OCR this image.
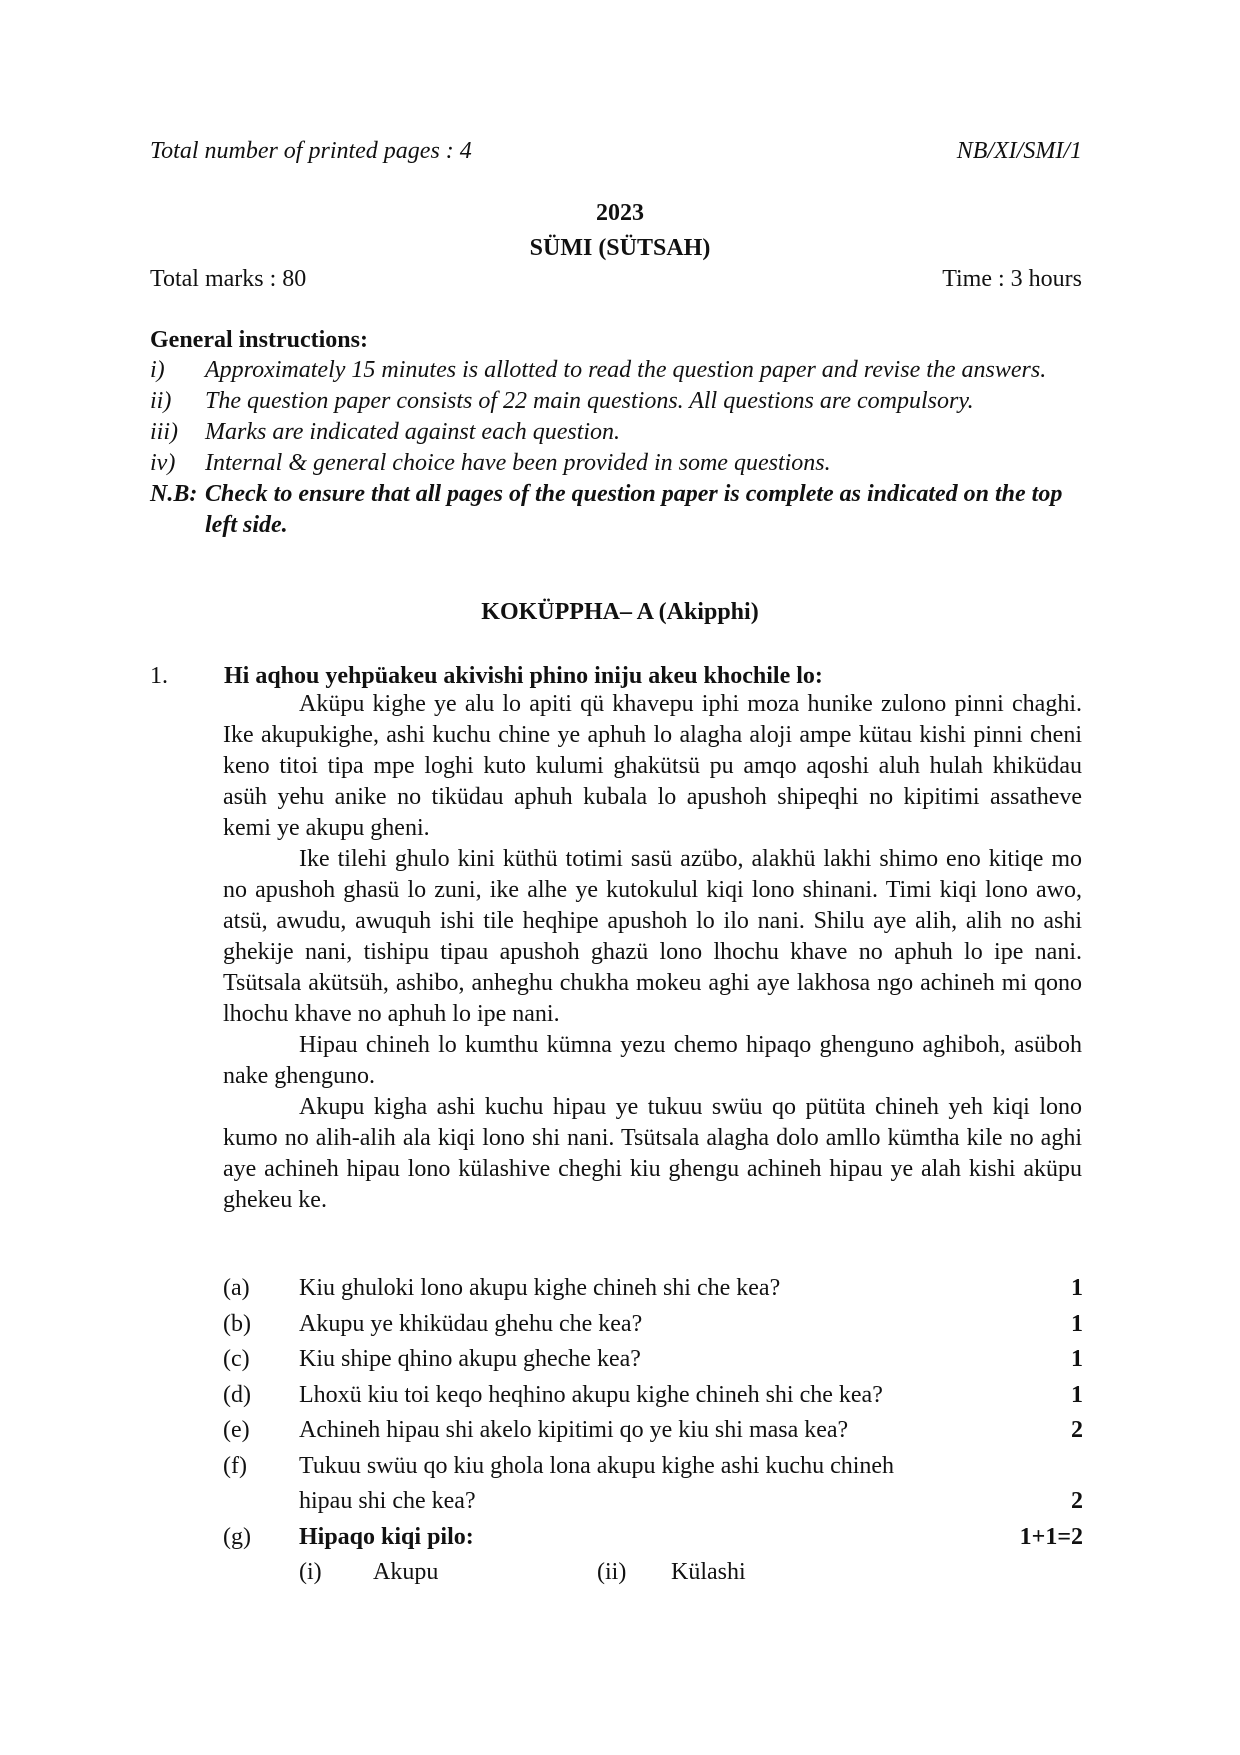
Total number of printed pages : 4	NB/XI/SMI/1
2023
SÜMI (SÜTSAH)
Total marks : 80	Time : 3 hours
General instructions:
i)	Approximately 15 minutes is allotted to read the question paper and revise the answers.
ii)	The question paper consists of 22 main questions. All questions are compulsory.
iii)	Marks are indicated against each question.
iv)	Internal & general choice have been provided in some questions.
N.B: Check to ensure that all pages of the question paper is complete as indicated on the top left side.
KOKÜPPHA– A (Akipphi)
1. Hi aqhou yehpüakeu akivishi phino iniju akeu khochile lo:

Aküpu kighe ye alu lo apiti qü khavepu iphi moza hunike zulono pinni chaghi. Ike akupukighe, ashi kuchu chine ye aphuh lo alagha aloji ampe kütau kishi pinni cheni keno titoi tipa mpe loghi kuto kulumi ghakütsü pu amqo aqoshi aluh hulah khiküdau asüh yehu anike no tiküdau aphuh kubala lo apushoh shipeqhi no kipitimi assatheve kemi ye akupu gheni.

Ike tilehi ghulo kini küthü totimi sasü azübo, alakhü lakhi shimo eno kitiqe mo no apushoh ghasü lo zuni, ike alhe ye kutokulul kiqi lono shinani. Timi kiqi lono awo, atsü, awudu, awuquh ishi tile heqhipe apushoh lo ilo nani. Shilu aye alih, alih no ashi ghekije nani, tishipu tipau apushoh ghazü lono lhochu khave no aphuh lo ipe nani. Tsütsala akütsüh, ashibo, anheghu chukha mokeu aghi aye lakhosa ngo achineh mi qono lhochu khave no aphuh lo ipe nani.

Hipau chineh lo kumthu kümna yezu chemo hipaqo ghenguno aghiboh, asüboh nake ghenguno.

Akupu kigha ashi kuchu hipau ye tukuu swüu qo pütüta chineh yeh kiqi lono kumo no alih-alih ala kiqi lono shi nani. Tsütsala alagha dolo amllo kümtha kile no aghi aye achineh hipau lono külashive cheghi kiu ghengu achineh hipau ye alah kishi aküpu ghekeu ke.

(a)	Kiu ghuloki lono akupu kighe chineh shi che kea?	1
(b)	Akupu ye khiküdau ghehu che kea?	1
(c)	Kiu shipe qhino akupu gheche kea?	1
(d)	Lhoxü kiu toi keqo heqhino akupu kighe chineh shi che kea?	1
(e)	Achineh hipau shi akelo kipitimi qo ye kiu shi masa kea?	2
(f)	Tukuu swüu qo kiu ghola lona akupu kighe ashi kuchu chineh hipau shi che kea?	2
(g)	Hipaqo kiqi pilo:	1+1=2
(i)	Akupu	(ii)	Külashi
